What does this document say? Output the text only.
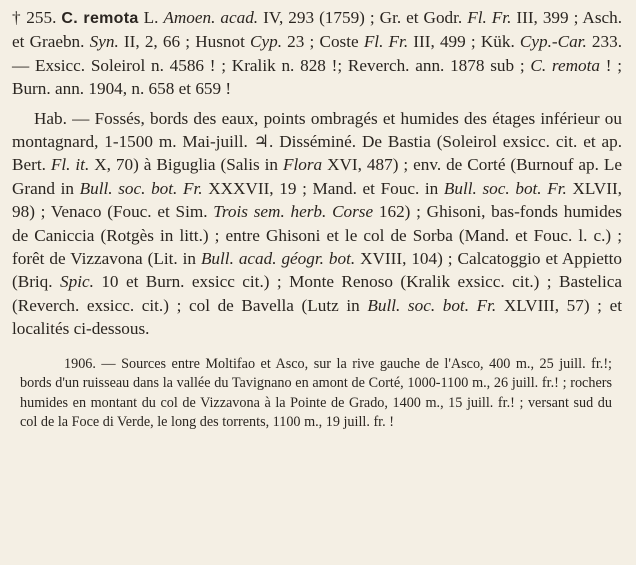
† 255. C. remota L. Amoen. acad. IV, 293 (1759) ; Gr. et Godr. Fl. Fr. III, 399 ; Asch. et Graebn. Syn. II, 2, 66 ; Husnot Cyp. 23 ; Coste Fl. Fr. III, 499 ; Kük. Cyp.-Car. 233. — Exsicc. Soleirol n. 4586 ! ; Kralik n. 828 !; Reverch. ann. 1878 sub ; C. remota ! ; Burn. ann. 1904, n. 658 et 659 !

Hab. — Fossés, bords des eaux, points ombragés et humides des étages inférieur ou montagnard, 1-1500 m. Mai-juill. ♃. Disséminé. De Bastia (Soleirol exsicc. cit. et ap. Bert. Fl. it. X, 70) à Biguglia (Salis in Flora XVI, 487) ; env. de Corté (Burnouf ap. Le Grand in Bull. soc. bot. Fr. XXXVII, 19 ; Mand. et Fouc. in Bull. soc. bot. Fr. XLVII, 98) ; Venaco (Fouc. et Sim. Trois sem. herb. Corse 162) ; Ghisoni, bas-fonds humides de Caniccia (Rotgès in litt.) ; entre Ghisoni et le col de Sorba (Mand. et Fouc. l. c.) ; forêt de Vizzavona (Lit. in Bull. acad. géogr. bot. XVIII, 104) ; Calcatoggio et Appietto (Briq. Spic. 10 et Burn. exsicc cit.) ; Monte Renoso (Kralik exsicc. cit.) ; Bastelica (Reverch. exsicc. cit.) ; col de Bavella (Lutz in Bull. soc. bot. Fr. XLVIII, 57) ; et localités ci-dessous.

1906. — Sources entre Moltifao et Asco, sur la rive gauche de l'Asco, 400 m., 25 juill. fr.!; bords d'un ruisseau dans la vallée du Tavignano en amont de Corté, 1000-1100 m., 26 juill. fr.! ; rochers humides en montant du col de Vizzavona à la Pointe de Grado, 1400 m., 15 juill. fr.! ; versant sud du col de la Foce di Verde, le long des torrents, 1100 m., 19 juill. fr. !
